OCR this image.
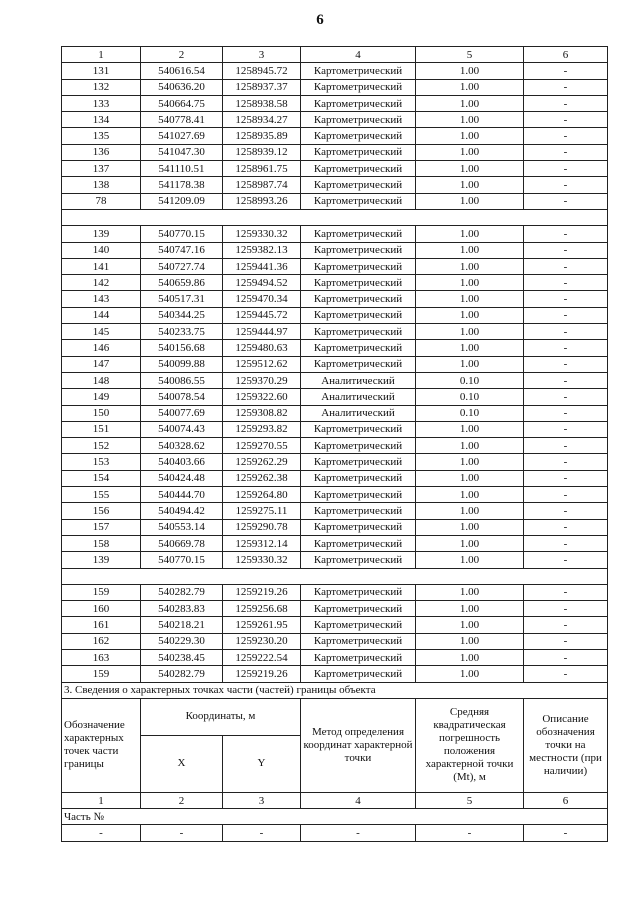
6
1	2	3	4	5	6
131	540616.54	1258945.72	Картометрический	1.00	-
132	540636.20	1258937.37	Картометрический	1.00	-
133	540664.75	1258938.58	Картометрический	1.00	-
134	540778.41	1258934.27	Картометрический	1.00	-
135	541027.69	1258935.89	Картометрический	1.00	-
136	541047.30	1258939.12	Картометрический	1.00	-
137	541110.51	1258961.75	Картометрический	1.00	-
138	541178.38	1258987.74	Картометрический	1.00	-
78	541209.09	1258993.26	Картометрический	1.00	-

139	540770.15	1259330.32	Картометрический	1.00	-
140	540747.16	1259382.13	Картометрический	1.00	-
141	540727.74	1259441.36	Картометрический	1.00	-
142	540659.86	1259494.52	Картометрический	1.00	-
143	540517.31	1259470.34	Картометрический	1.00	-
144	540344.25	1259445.72	Картометрический	1.00	-
145	540233.75	1259444.97	Картометрический	1.00	-
146	540156.68	1259480.63	Картометрический	1.00	-
147	540099.88	1259512.62	Картометрический	1.00	-
148	540086.55	1259370.29	Аналитический	0.10	-
149	540078.54	1259322.60	Аналитический	0.10	-
150	540077.69	1259308.82	Аналитический	0.10	-
151	540074.43	1259293.82	Картометрический	1.00	-
152	540328.62	1259270.55	Картометрический	1.00	-
153	540403.66	1259262.29	Картометрический	1.00	-
154	540424.48	1259262.38	Картометрический	1.00	-
155	540444.70	1259264.80	Картометрический	1.00	-
156	540494.42	1259275.11	Картометрический	1.00	-
157	540553.14	1259290.78	Картометрический	1.00	-
158	540669.78	1259312.14	Картометрический	1.00	-
139	540770.15	1259330.32	Картометрический	1.00	-

159	540282.79	1259219.26	Картометрический	1.00	-
160	540283.83	1259256.68	Картометрический	1.00	-
161	540218.21	1259261.95	Картометрический	1.00	-
162	540229.30	1259230.20	Картометрический	1.00	-
163	540238.45	1259222.54	Картометрический	1.00	-
159	540282.79	1259219.26	Картометрический	1.00	-
3. Сведения о характерных точках части (частей) границы объекта					
Обозначение характерных точек части границы	Координаты, м		Метод определения координат характерной точки	Средняя квадратическая погрешность положения характерной точки (Mt), м	Описание обозначения точки на местности (при наличии)
	X	Y			
1	2	3	4	5	6
Часть №					
-	-	-	-	-	-
